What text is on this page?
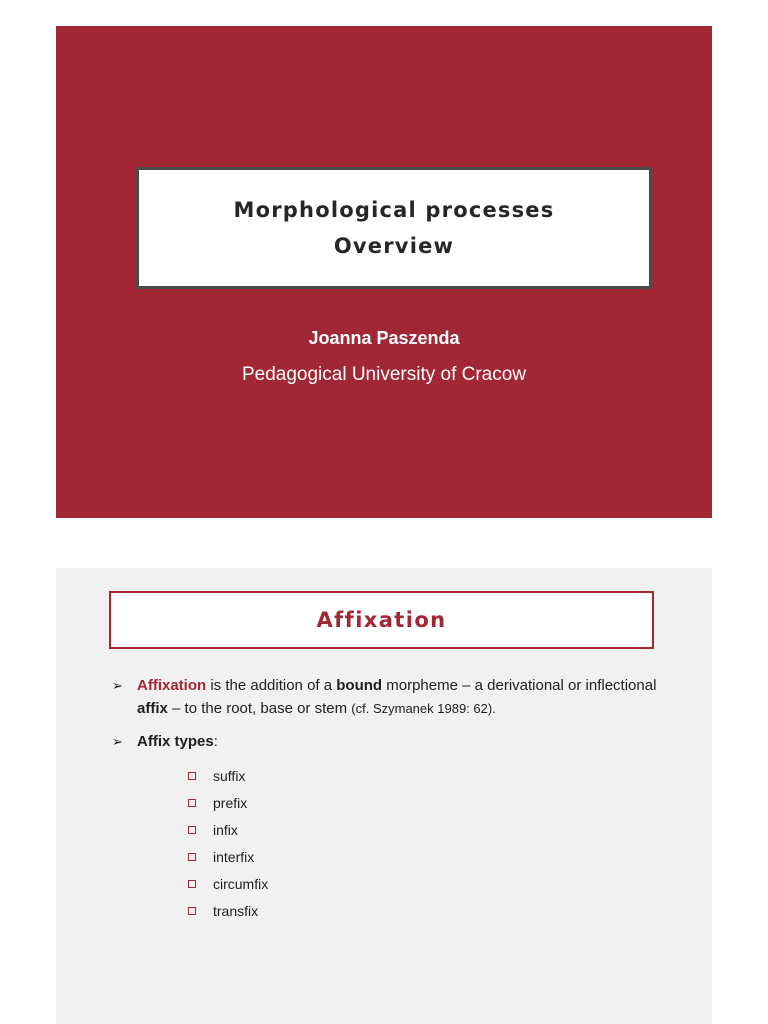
Morphological processes
Overview
Joanna Paszenda
Pedagogical University of Cracow
Affixation
➢ Affixation is the addition of a bound morpheme – a derivational or inflectional
affix – to the root, base or stem (cf. Szymanek 1989: 62).
➢ Affix types:
suffix
prefix
infix
interfix
circumfix
transfix
